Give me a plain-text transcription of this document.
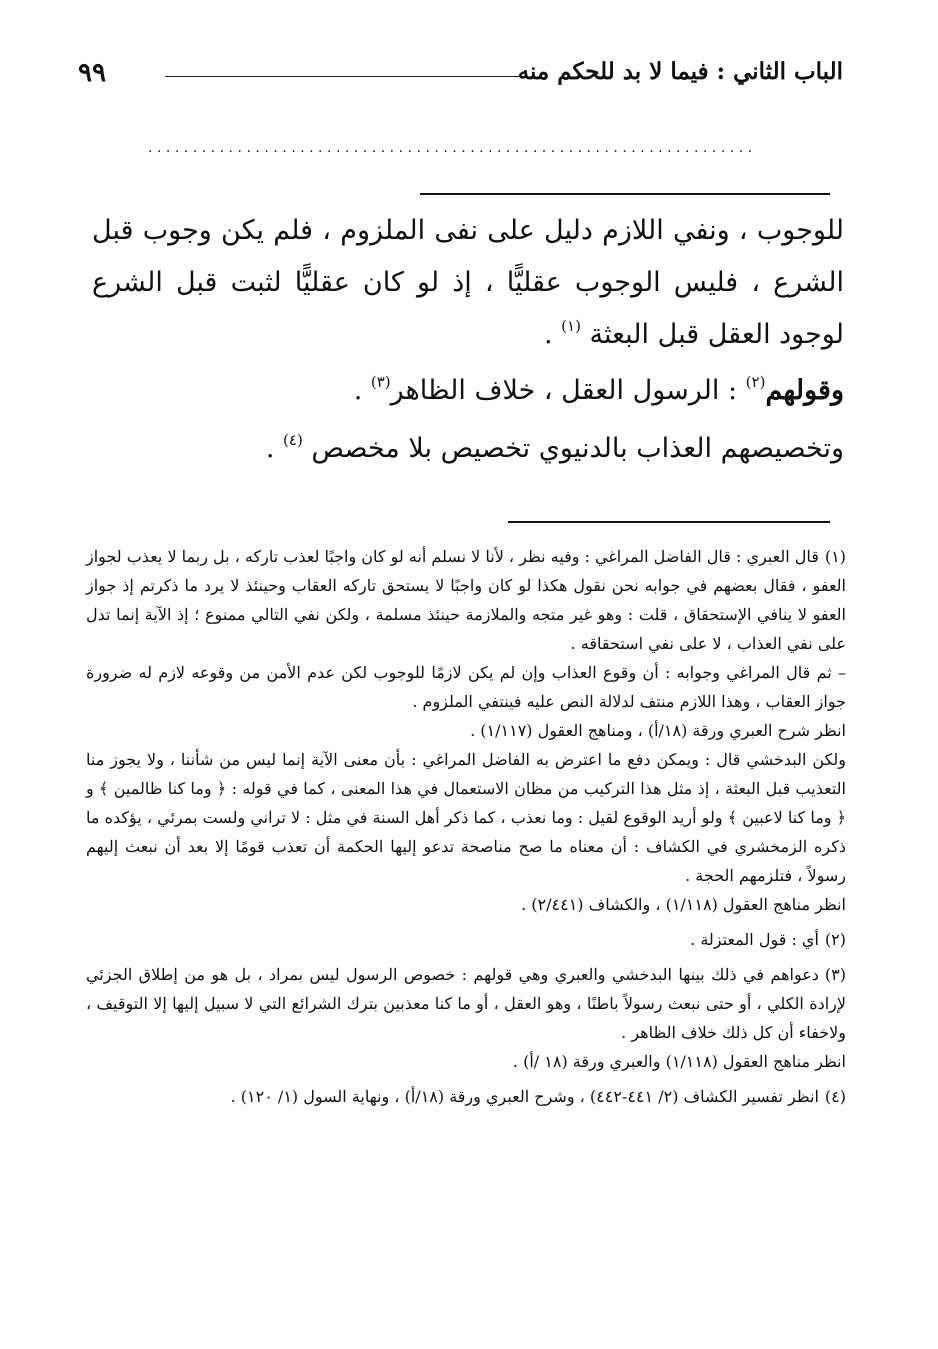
الباب الثاني : فيما لا بد للحكم منه
٩٩
....................................................................

للوجوب ، ونفي اللازم دليل على نفى الملزوم ، فلم يكن وجوب قبل الشرع ، فليس الوجوب عقليًّا ، إذ لو كان عقليًّا لثبت قبل الشرع لوجود العقل قبل البعثة $^{(١)}$ .

وقولهم$^{(٢)}$ : الرسول العقل ، خلاف الظاهر$^{(٣)}$ .

وتخصيصهم العذاب بالدنيوي تخصيص بلا مخصص $^{(٤)}$ .

(١)قال العبري : قال الفاضل المراغي : وفيه نظر ، لأنا لا نسلم أنه لو كان واجبًا لعذب تاركه ، بل ربما لا يعذب لجواز العفو ، فقال بعضهم في جوابه نحن نقول هكذا لو كان واجبًا لا يستحق تاركه العقاب وحينئذ لا يرد ما ذكرتم إذ جواز العفو لا ينافي الإستحقاق ، قلت : وهو غير متجه والملازمة حينئذ مسلمة ، ولكن نفي التالي ممنوع ؛ إذ الآية إنما تدل على نفي العذاب ، لا على نفي استحقاقه .

– ثم قال المراغي وجوابه : أن وقوع العذاب وإن لم يكن لازمًا للوجوب لكن عدم الأمن من وقوعه لازم له ضرورة جواز العقاب ، وهذا اللازم منتف لدلالة النص عليه فينتفي الملزوم .

انظر شرح العبري ورقة (١٨/أ) ، ومناهج العقول (١/١١٧) .

ولكن البدخشي قال : ويمكن دفع ما اعترض به الفاضل المراغي : بأن معنى الآية إنما ليس من شأننا ، ولا يجوز منا التعذيب قبل البعثة ، إذ مثل هذا التركيب من مظان الاستعمال في هذا المعنى ، كما في قوله : ﴿ وما كنا ظالمين ﴾ و ﴿ وما كنا لاعبين ﴾ ولو أريد الوقوع لقيل : وما نعذب ، كما ذكر أهل السنة في مثل : لا تراني ولست بمرئي ، يؤكده ما ذكره الزمخشري في الكشاف : أن معناه ما صح مناصحة تدعو إليها الحكمة أن تعذب قومًا إلا بعد أن نبعث إليهم رسولاً ، فتلزمهم الحجة .

انظر مناهج العقول (١/١١٨) ، والكشاف (٢/٤٤١) .

(٢)أي : قول المعتزلة .

(٣)دعواهم في ذلك بينها البدخشي والعبري وهي قولهم : خصوص الرسول ليس بمراد ، بل هو من إطلاق الجزئي لإرادة الكلي ، أو حتى نبعث رسولاً باطنًا ، وهو العقل ، أو ما كنا معذبين بترك الشرائع التي لا سبيل إليها إلا التوقيف ، ولاخفاء أن كل ذلك خلاف الظاهر .

انظر مناهج العقول (١/١١٨) والعبري ورقة (١٨ /أ) .

(٤)انظر تفسير الكشاف (٢/ ٤٤١-٤٤٢) ، وشرح العبري ورقة (١٨/أ) ، ونهاية السول (١/ ١٢٠) .
